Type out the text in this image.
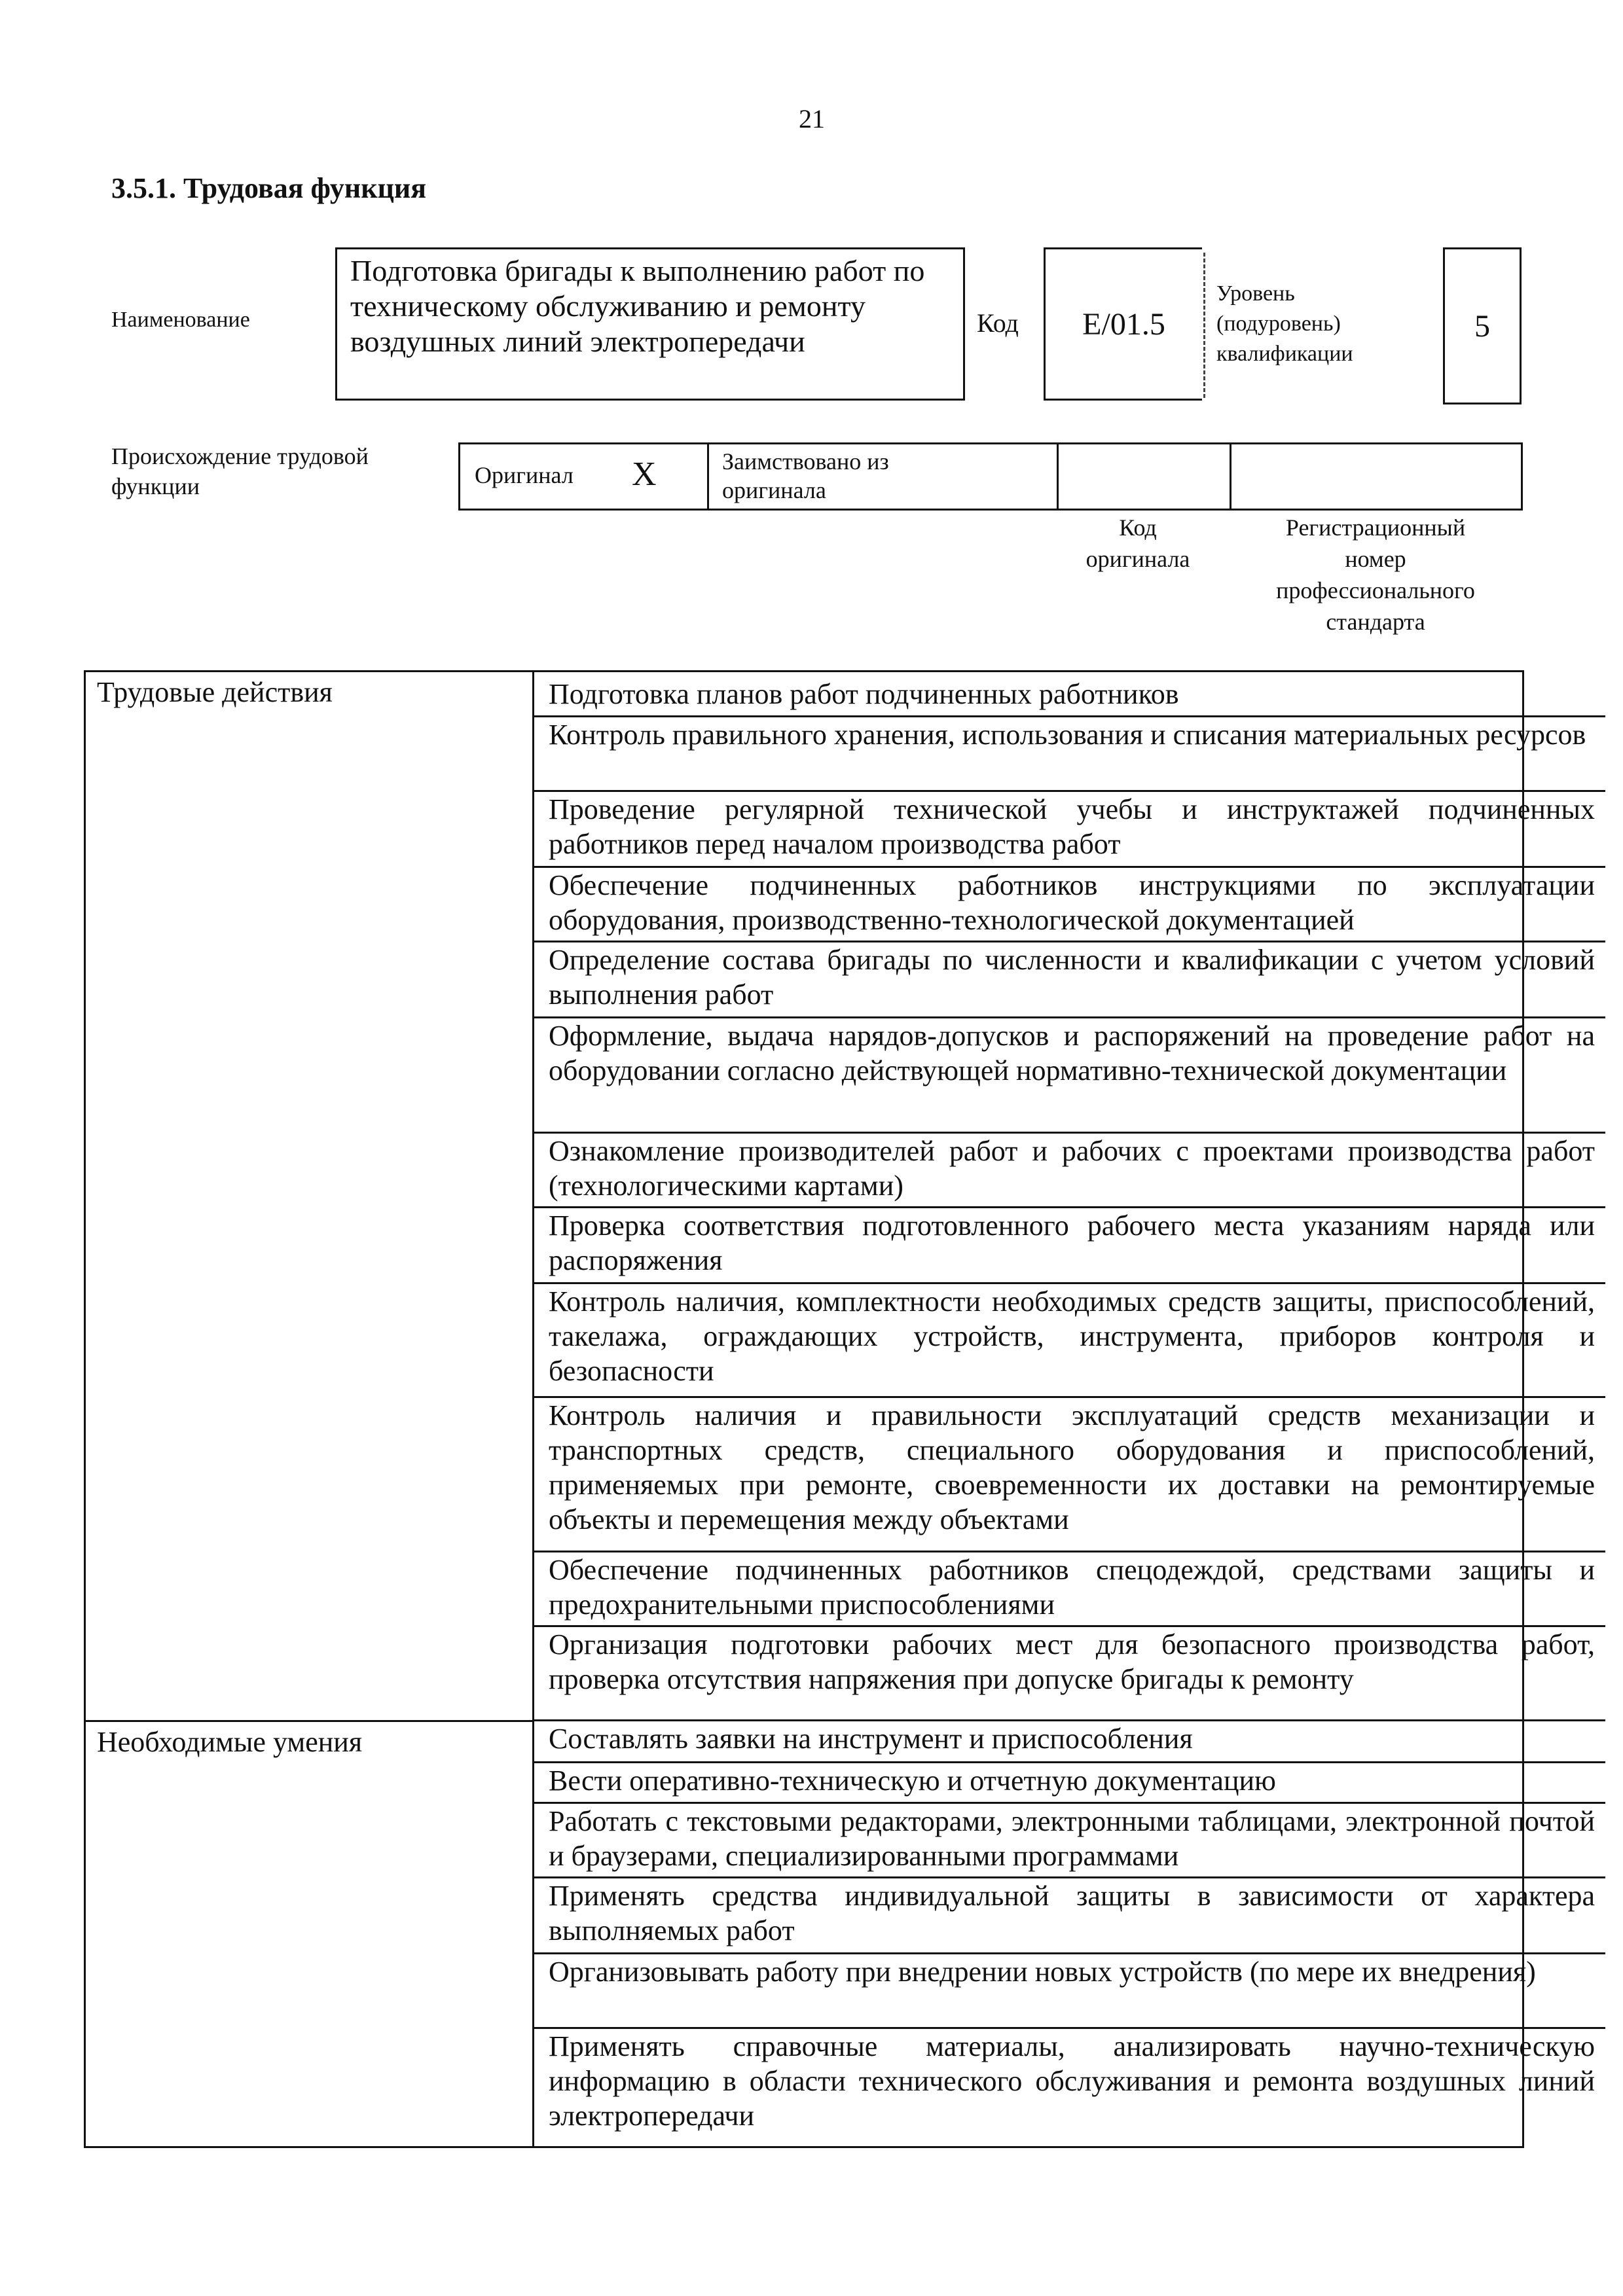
21
3.5.1. Трудовая функция
Наименование
Подготовка бригады к выполнению работ по техническому обслуживанию и ремонту воздушных линий электропередачи
Код E/01.5
Уровень
(подуровень)
квалификации
5
Происхождение трудовой
функции	Оригинал X	Заимствовано из
оригинала
Код
оригинала
Регистрационный
номер
профессионального
стандарта
Трудовые действия
Необходимые умения
Подготовка планов работ подчиненных работников
Контроль правильного хранения, использования и списания материальных ресурсов
Проведение регулярной технической учебы и инструктажей подчиненных работников перед началом производства работ
Обеспечение подчиненных работников инструкциями по эксплуатации оборудования, производственно-технологической документацией
Определение состава бригады по численности и квалификации с учетом условий выполнения работ
Оформление, выдача нарядов-допусков и распоряжений на проведение работ на оборудовании согласно действующей нормативно-технической документации
Ознакомление производителей работ и рабочих с проектами производства работ (технологическими картами)
Проверка соответствия подготовленного рабочего места указаниям наряда или распоряжения
Контроль наличия, комплектности необходимых средств защиты, приспособлений, такелажа, ограждающих устройств, инструмента, приборов контроля и безопасности
Контроль наличия и правильности эксплуатаций средств механизации и транспортных средств, специального оборудования и приспособлений, применяемых при ремонте, своевременности их доставки на ремонтируемые объекты и перемещения между объектами
Обеспечение подчиненных работников спецодеждой, средствами защиты и предохранительными приспособлениями
Организация подготовки рабочих мест для безопасного производства работ, проверка отсутствия напряжения при допуске бригады к ремонту
Составлять заявки на инструмент и приспособления
Вести оперативно-техническую и отчетную документацию
Работать с текстовыми редакторами, электронными таблицами, электронной почтой и браузерами, специализированными программами
Применять средства индивидуальной защиты в зависимости от характера выполняемых работ
Организовывать работу при внедрении новых устройств (по мере их внедрения)
Применять справочные материалы, анализировать научно-техническую информацию в области технического обслуживания и ремонта воздушных линий электропередачи
